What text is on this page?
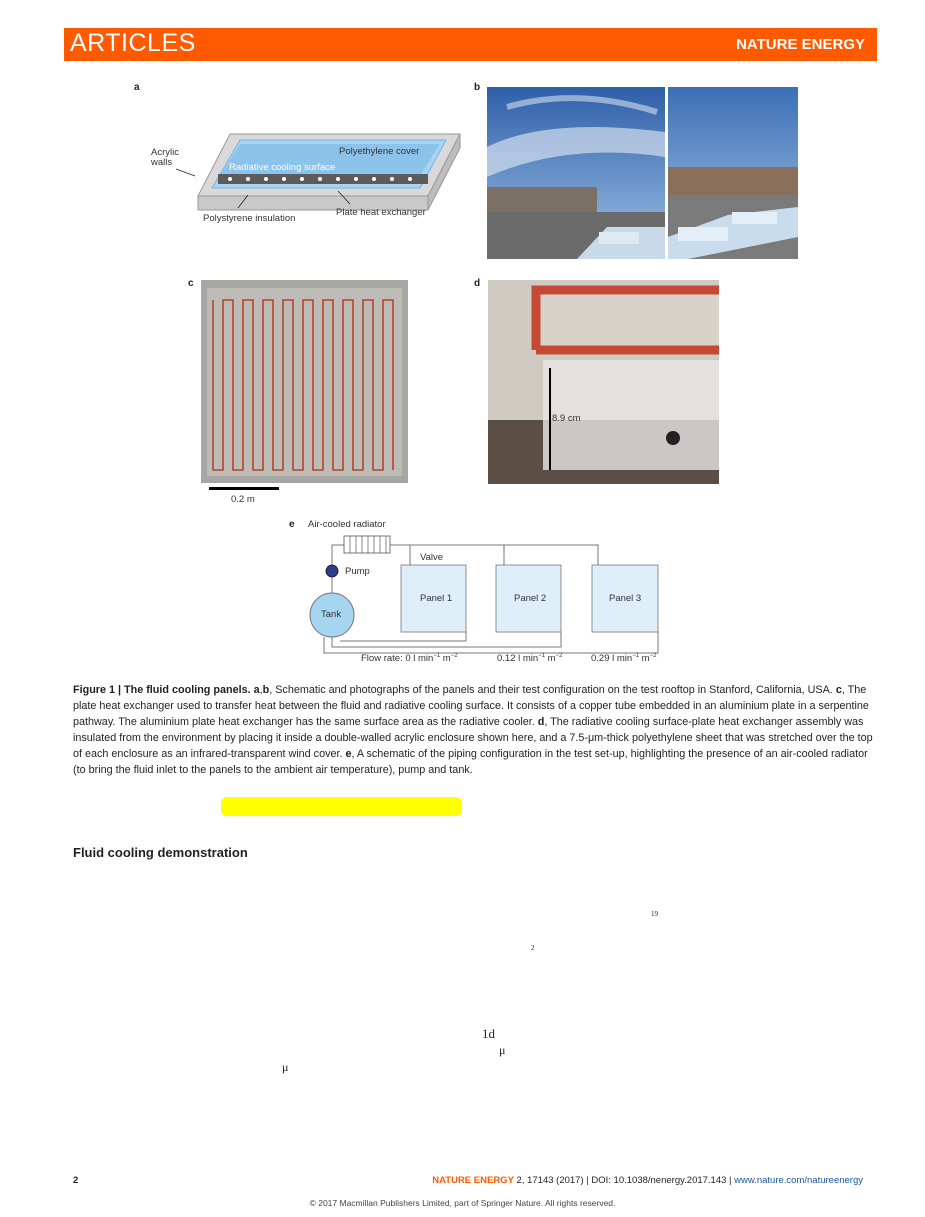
ARTICLES	NATURE ENERGY
a	b
c	d
e
Acrylic
walls
Polyethylene cover
Radiative cooling surface
Plate heat exchanger
Polystyrene insulation
0.2 m
8.9 cm
Air-cooled radiator
Valve
Pump
Tank
Panel 1	Panel 2	Panel 3
Flow rate: 0 l $\min^{-1} m^{-2}$	0.12 l $\min^{-1} m^{-2}$	0.29 l $\min^{-1} m^{-2}$
Figure 1 | The fluid cooling panels. a,b, Schematic and photographs of the panels and their test configuration on the test rooftop in Stanford, California, USA. c, The plate heat exchanger used to transfer heat between the fluid and radiative cooling surface. It consists of a copper tube embedded in an aluminium plate in a serpentine pathway. The aluminium plate heat exchanger has the same surface area as the radiative cooler. d, The radiative cooling surface-plate heat exchanger assembly was insulated from the environment by placing it inside a double-walled acrylic enclosure shown here, and a 7.5-μm-thick polyethylene sheet that was stretched over the top of each enclosure as an infrared-transparent wind cover. e, A schematic of the piping configuration in the test set-up, highlighting the presence of an air-cooled radiator (to bring the fluid inlet to the panels to the ambient air temperature), pump and tank.
Fluid cooling demonstration
19
2
1d
μ
μ
2	NATURE ENERGY 2, 17143 (2017) | DOI: 10.1038/nenergy.2017.143 | www.nature.com/natureenergy
© 2017 Macmillan Publishers Limited, part of Springer Nature. All rights reserved.
